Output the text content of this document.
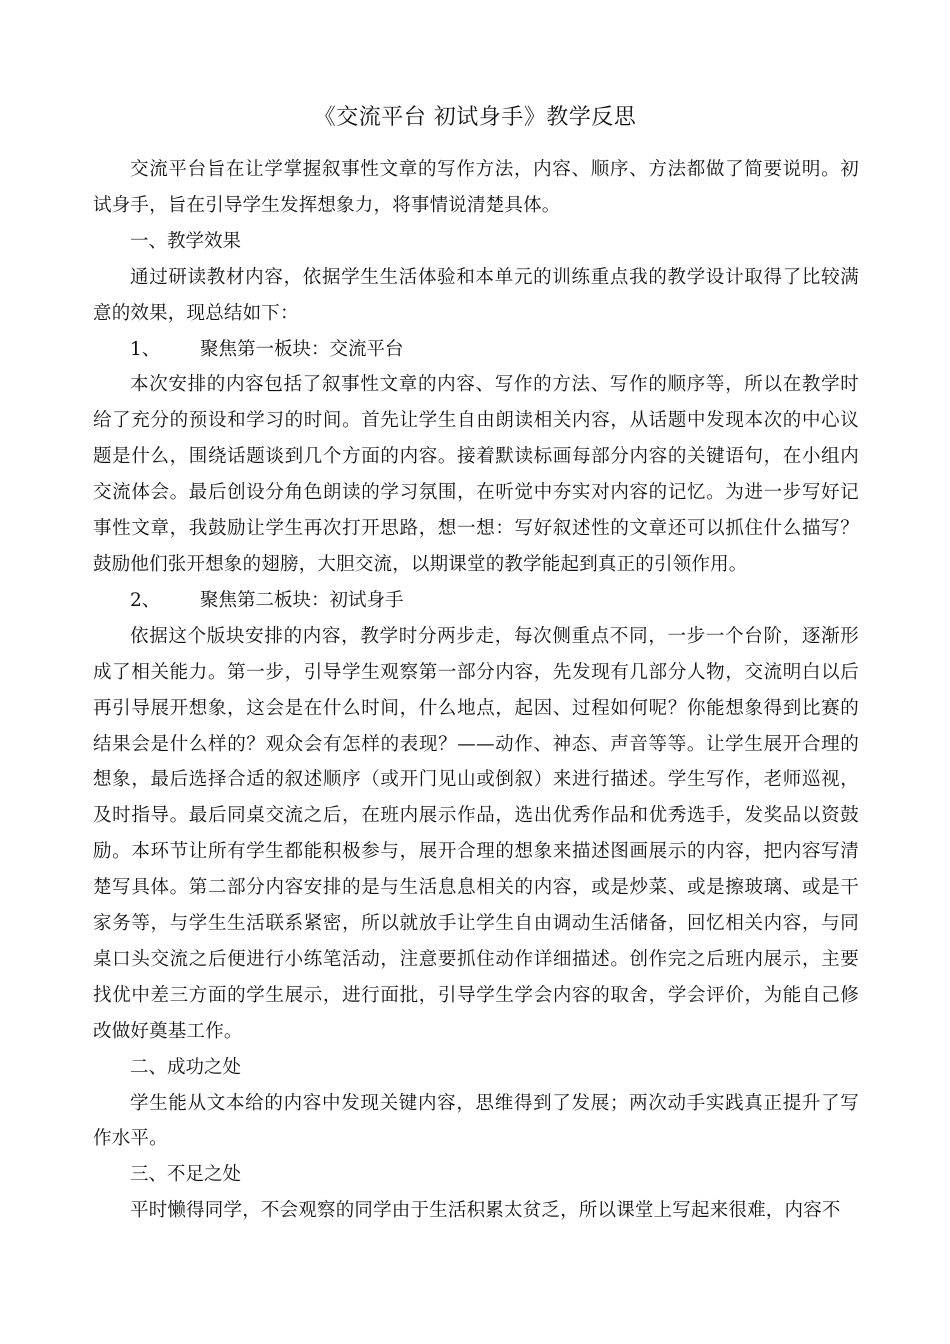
《交流平台 初试身手》教学反思

交流平台旨在让学掌握叙事性文章的写作方法，内容、顺序、方法都做了简要说明。初试身手，旨在引导学生发挥想象力，将事情说清楚具体。

一、教学效果

通过研读教材内容，依据学生生活体验和本单元的训练重点我的教学设计取得了比较满意的效果，现总结如下：

1、 聚焦第一板块：交流平台

本次安排的内容包括了叙事性文章的内容、写作的方法、写作的顺序等，所以在教学时给了充分的预设和学习的时间。首先让学生自由朗读相关内容，从话题中发现本次的中心议题是什么，围绕话题谈到几个方面的内容。接着默读标画每部分内容的关键语句，在小组内交流体会。最后创设分角色朗读的学习氛围，在听觉中夯实对内容的记忆。为进一步写好记事性文章，我鼓励让学生再次打开思路，想一想：写好叙述性的文章还可以抓住什么描写？鼓励他们张开想象的翅膀，大胆交流，以期课堂的教学能起到真正的引领作用。

2、 聚焦第二板块：初试身手

依据这个版块安排的内容，教学时分两步走，每次侧重点不同，一步一个台阶，逐渐形成了相关能力。第一步，引导学生观察第一部分内容，先发现有几部分人物，交流明白以后再引导展开想象，这会是在什么时间，什么地点，起因、过程如何呢？你能想象得到比赛的结果会是什么样的？观众会有怎样的表现？——动作、神态、声音等等。让学生展开合理的想象，最后选择合适的叙述顺序（或开门见山或倒叙）来进行描述。学生写作，老师巡视，及时指导。最后同桌交流之后，在班内展示作品，选出优秀作品和优秀选手，发奖品以资鼓励。本环节让所有学生都能积极参与，展开合理的想象来描述图画展示的内容，把内容写清楚写具体。第二部分内容安排的是与生活息息相关的内容，或是炒菜、或是擦玻璃、或是干家务等，与学生生活联系紧密，所以就放手让学生自由调动生活储备，回忆相关内容，与同桌口头交流之后便进行小练笔活动，注意要抓住动作详细描述。创作完之后班内展示，主要找优中差三方面的学生展示，进行面批，引导学生学会内容的取舍，学会评价，为能自己修改做好奠基工作。

二、成功之处

学生能从文本给的内容中发现关键内容，思维得到了发展；两次动手实践真正提升了写作水平。

三、不足之处

平时懒得同学，不会观察的同学由于生活积累太贫乏，所以课堂上写起来很难，内容不
